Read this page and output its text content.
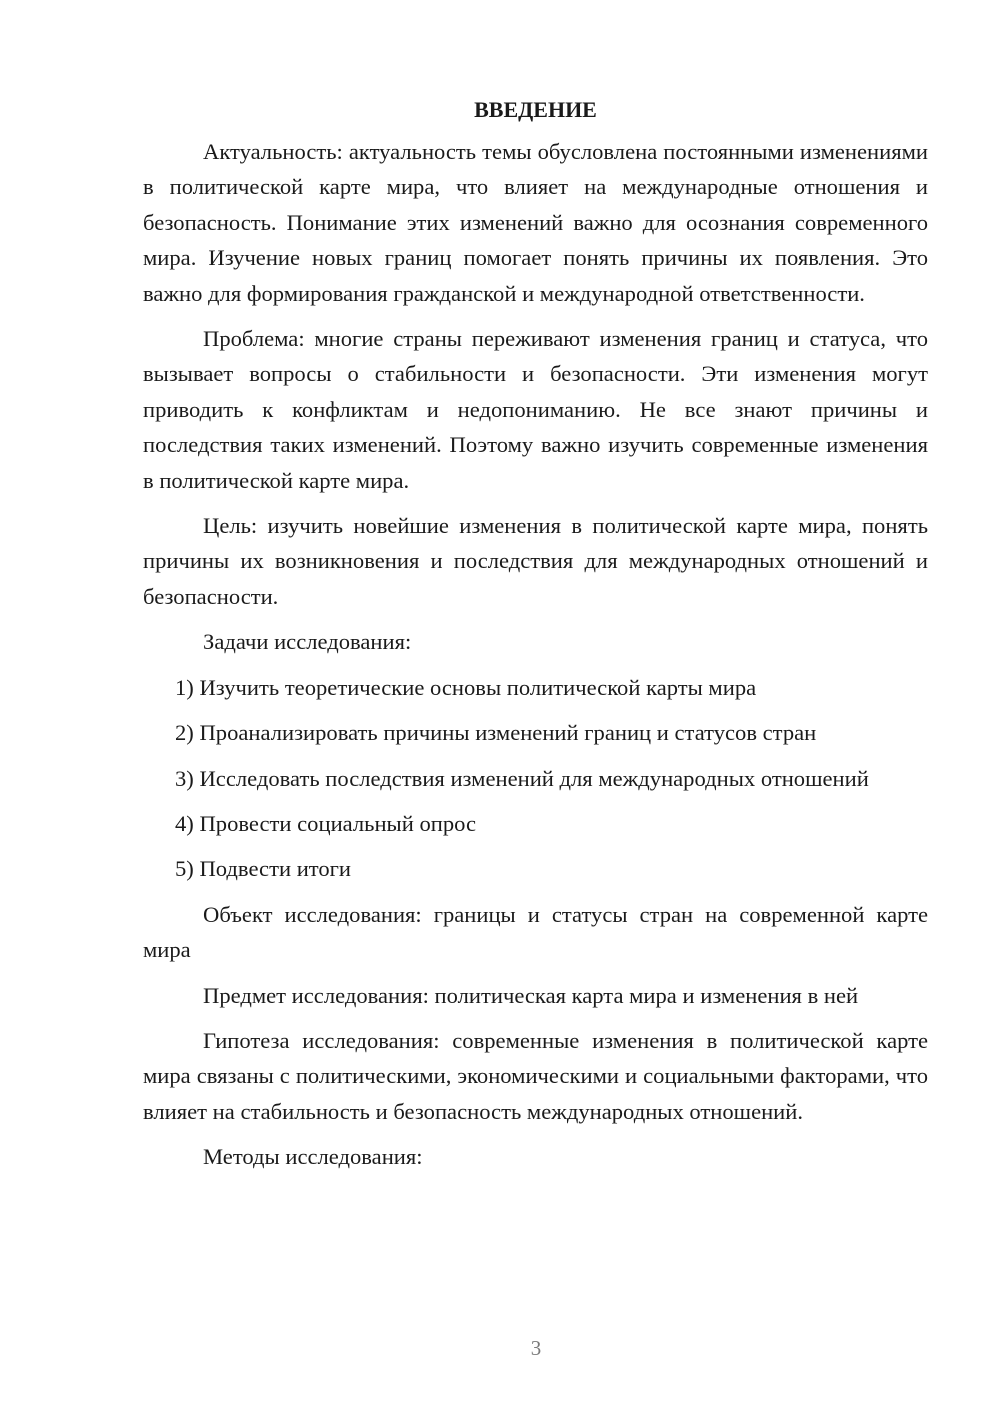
ВВЕДЕНИЕ

Актуальность: актуальность темы обусловлена постоянными изменениями в политической карте мира, что влияет на международные отношения и безопасность. Понимание этих изменений важно для осознания современного мира. Изучение новых границ помогает понять причины их появления. Это важно для формирования гражданской и международной ответственности.

Проблема: многие страны переживают изменения границ и статуса, что вызывает вопросы о стабильности и безопасности. Эти изменения могут приводить к конфликтам и недопониманию. Не все знают причины и последствия таких изменений. Поэтому важно изучить современные изменения в политической карте мира.

Цель: изучить новейшие изменения в политической карте мира, понять причины их возникновения и последствия для международных отношений и безопасности.

Задачи исследования:

1) Изучить теоретические основы политической карты мира

2) Проанализировать причины изменений границ и статусов стран

3) Исследовать последствия изменений для международных отношений

4) Провести социальный опрос

5) Подвести итоги

Объект исследования: границы и статусы стран на современной карте мира

Предмет исследования: политическая карта мира и изменения в ней

Гипотеза исследования: современные изменения в политической карте мира связаны с политическими, экономическими и социальными факторами, что влияет на стабильность и безопасность международных отношений.

Методы исследования:

3
